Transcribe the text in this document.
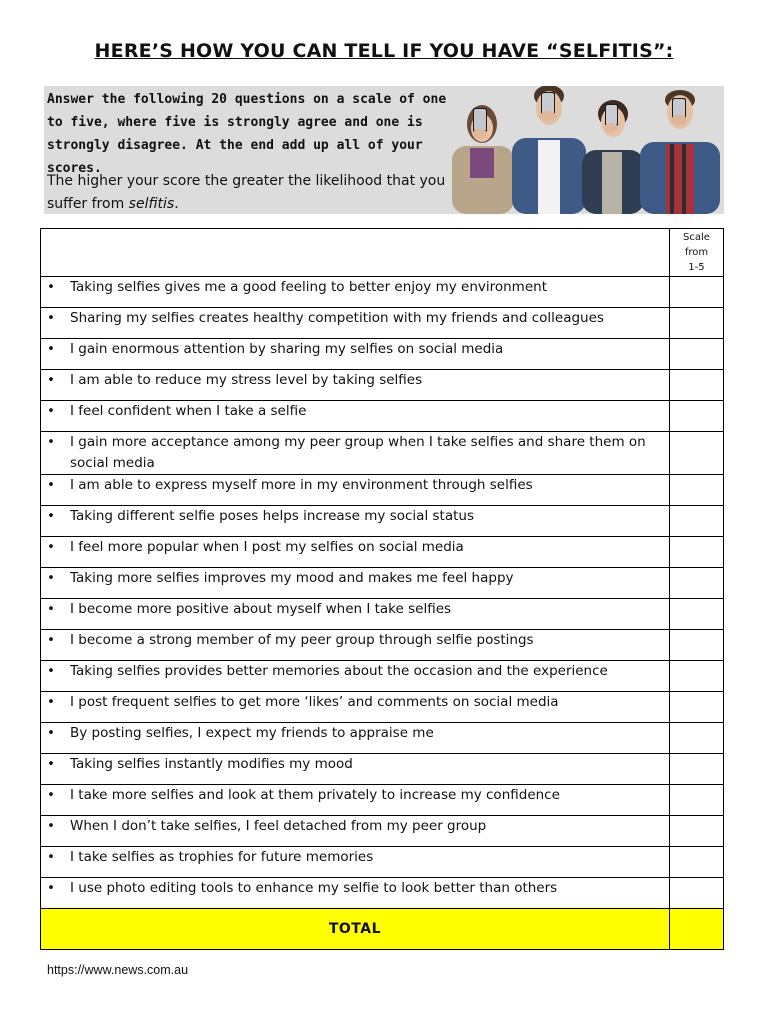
HERE’S HOW YOU CAN TELL IF YOU HAVE “SELFITIS”:
Answer the following 20 questions on a scale of one to five, where five is strongly agree and one is strongly disagree. At the end add up all of your scores.
The higher your score the greater the likelihood that you suffer from selfitis.

	Scale
from
1-5

• Taking selfies gives me a good feeling to better enjoy my environment	

• Sharing my selfies creates healthy competition with my friends and colleagues	

• I gain enormous attention by sharing my selfies on social media	

• I am able to reduce my stress level by taking selfies	

• I feel confident when I take a selfie	

• I gain more acceptance among my peer group when I take selfies and share them on social media	

• I am able to express myself more in my environment through selfies	

• Taking different selfie poses helps increase my social status	

• I feel more popular when I post my selfies on social media	

• Taking more selfies improves my mood and makes me feel happy	

• I become more positive about myself when I take selfies	

• I become a strong member of my peer group through selfie postings	

• Taking selfies provides better memories about the occasion and the experience	

• I post frequent selfies to get more ‘likes’ and comments on social media	

• By posting selfies, I expect my friends to appraise me	

• Taking selfies instantly modifies my mood	

• I take more selfies and look at them privately to increase my confidence	

• When I don’t take selfies, I feel detached from my peer group	

• I take selfies as trophies for future memories	

• I use photo editing tools to enhance my selfie to look better than others	

TOTAL	
https://www.news.com.au
